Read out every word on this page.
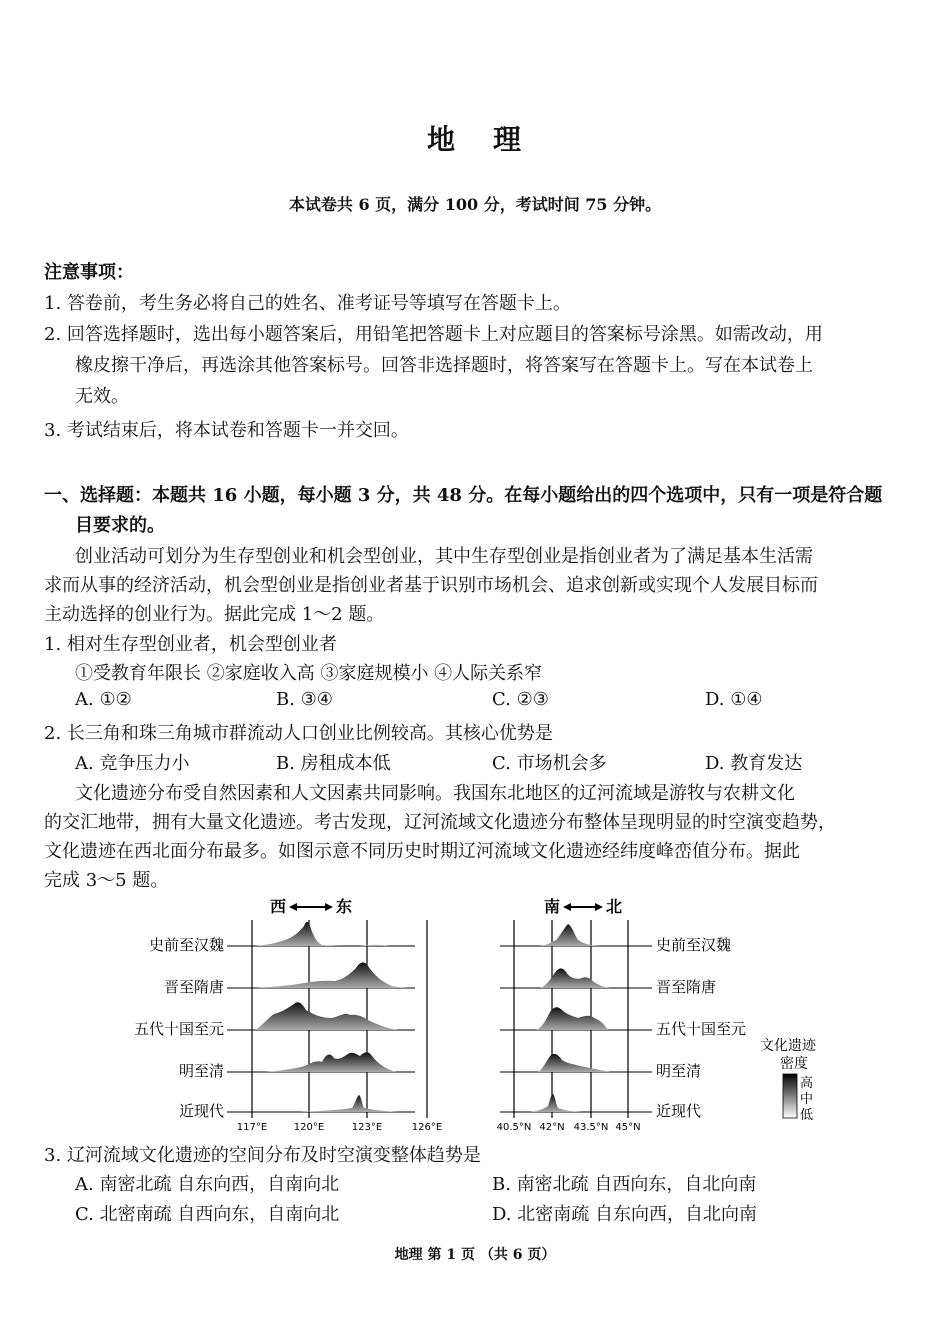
地 理
本试卷共 6 页，满分 100 分，考试时间 75 分钟。
注意事项：
1. 答卷前，考生务必将自己的姓名、准考证号等填写在答题卡上。
2. 回答选择题时，选出每小题答案后，用铅笔把答题卡上对应题目的答案标号涂黑。如需改动，用
橡皮擦干净后，再选涂其他答案标号。回答非选择题时，将答案写在答题卡上。写在本试卷上
无效。
3. 考试结束后，将本试卷和答题卡一并交回。
一、选择题：本题共 16 小题，每小题 3 分，共 48 分。在每小题给出的四个选项中，只有一项是符合题
目要求的。
创业活动可划分为生存型创业和机会型创业，其中生存型创业是指创业者为了满足基本生活需
求而从事的经济活动，机会型创业是指创业者基于识别市场机会、追求创新或实现个人发展目标而
主动选择的创业行为。据此完成 1～2 题。
1. 相对生存型创业者，机会型创业者
①受教育年限长 ②家庭收入高 ③家庭规模小 ④人际关系窄
A. ①②	B. ③④	C. ②③	D. ①④
2. 长三角和珠三角城市群流动人口创业比例较高。其核心优势是
A. 竞争压力小	B. 房租成本低	C. 市场机会多	D. 教育发达
文化遗迹分布受自然因素和人文因素共同影响。我国东北地区的辽河流域是游牧与农耕文化
的交汇地带，拥有大量文化遗迹。考古发现，辽河流域文化遗迹分布整体呈现明显的时空演变趋势，
文化遗迹在西北面分布最多。如图示意不同历史时期辽河流域文化遗迹经纬度峰峦值分布。据此
完成 3～5 题。
西	东
史前至汉魏
晋至隋唐
五代十国至元
明至清
近现代
117°E	120°E	123°E	126°E
南	北
史前至汉魏
晋至隋唐
五代十国至元
明至清
近现代
40.5°N 42°N 43.5°N 45°N
文化遗迹
密度
高
中
低
3. 辽河流域文化遗迹的空间分布及时空演变整体趋势是
A. 南密北疏 自东向西，自南向北	B. 南密北疏 自西向东，自北向南
C. 北密南疏 自西向东，自南向北	D. 北密南疏 自东向西，自北向南
地理 第 1 页 （共 6 页）
